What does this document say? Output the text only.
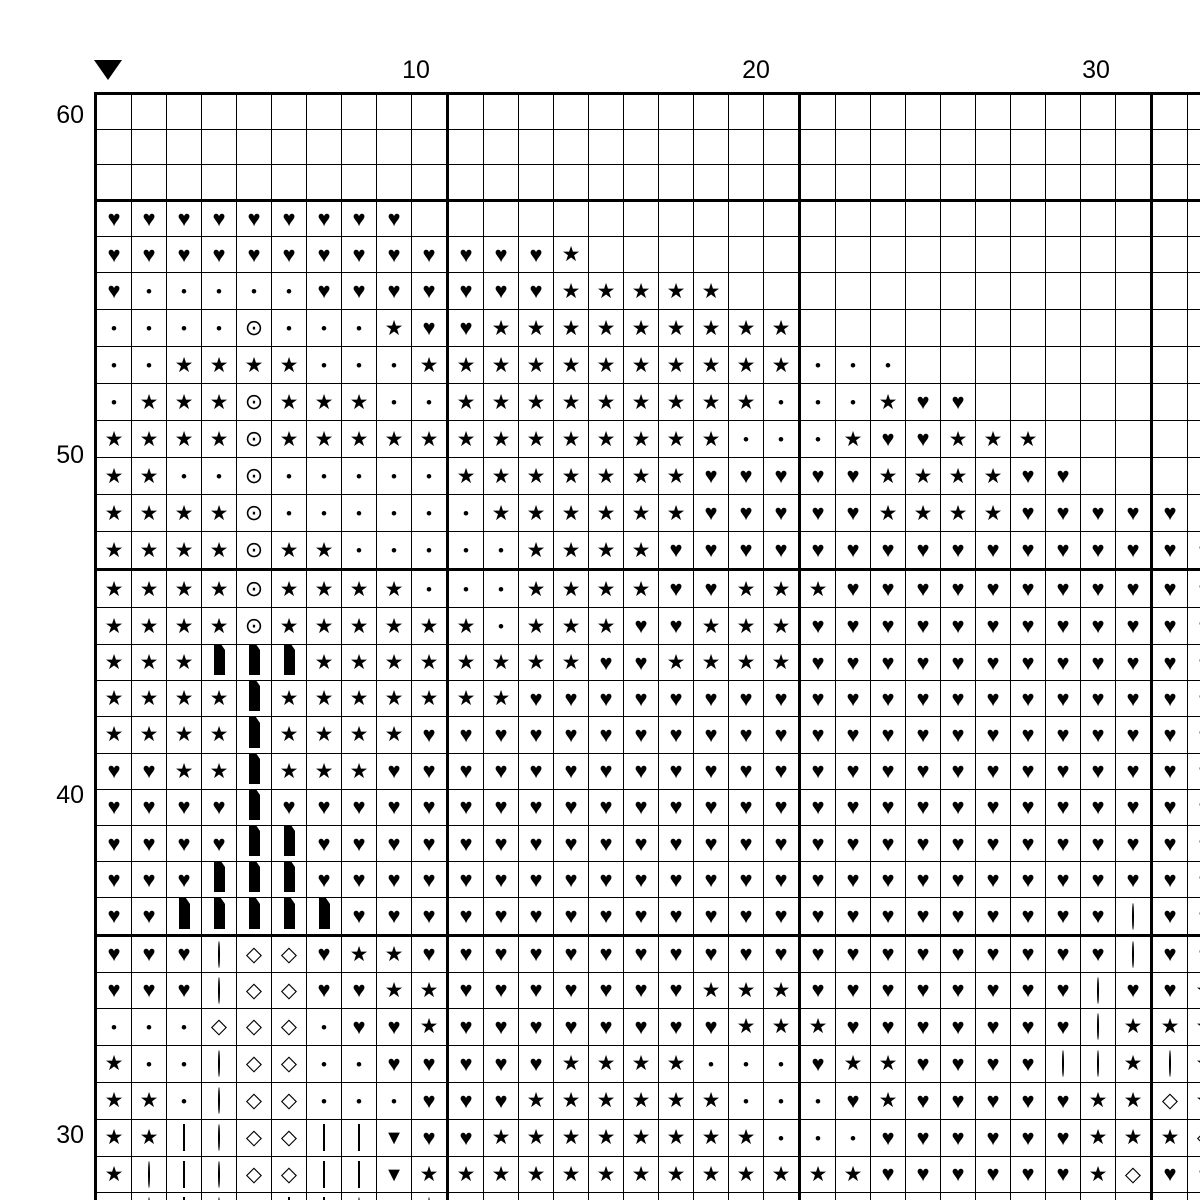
10	20	30
60
50
40
30

♥	♥	♥	♥	♥	♥	♥	♥	♥																									
♥	♥	♥	♥	♥	♥	♥	♥	♥	♥	♥	♥	♥	★																				
♥	•	•	•	•	•	♥	♥	♥	♥	♥	♥	♥	★	★	★	★	★																
•	•	•	•	⊙	•	•	•	★	♥	♥	★	★	★	★	★	★	★	★	★														
•	•	★	★	★	★	•	•	•	★	★	★	★	★	★	★	★	★	★	★	•	•	•											
•	★	★	★	⊙	★	★	★	•	•	★	★	★	★	★	★	★	★	★	•	•	•	★	♥	♥									
★	★	★	★	⊙	★	★	★	★	★	★	★	★	★	★	★	★	★	•	•	•	★	♥	♥	★	★	★							
★	★	•	•	⊙	•	•	•	•	•	★	★	★	★	★	★	★	♥	♥	♥	♥	♥	★	★	★	★	♥	♥						
★	★	★	★	⊙	•	•	•	•	•	•	★	★	★	★	★	★	♥	♥	♥	♥	♥	★	★	★	★	♥	♥	♥	♥	♥			
★	★	★	★	⊙	★	★	•	•	•	•	•	★	★	★	★	♥	♥	♥	♥	♥	♥	♥	♥	♥	♥	♥	♥	♥	♥	♥	♥		
★	★	★	★	⊙	★	★	★	★	•	•	•	★	★	★	★	♥	♥	★	★	★	♥	♥	♥	♥	♥	♥	♥	♥	♥	♥	♥		
★	★	★	★	⊙	★	★	★	★	★	★	•	★	★	★	♥	♥	★	★	★	♥	♥	♥	♥	♥	♥	♥	♥	♥	♥	♥	♥		
★	★	★				★	★	★	★	★	★	★	★	♥	♥	★	★	★	★	♥	♥	♥	♥	♥	♥	♥	♥	♥	♥	♥	♥		
★	★	★	★		★	★	★	★	★	★	★	♥	♥	♥	♥	♥	♥	♥	♥	♥	♥	♥	♥	♥	♥	♥	♥	♥	♥	♥	♥		
★	★	★	★		★	★	★	★	♥	♥	♥	♥	♥	♥	♥	♥	♥	♥	♥	♥	♥	♥	♥	♥	♥	♥	♥	♥	♥	♥	♥		
♥	♥	★	★		★	★	★	♥	♥	♥	♥	♥	♥	♥	♥	♥	♥	♥	♥	♥	♥	♥	♥	♥	♥	♥	♥	♥	♥	♥	♥		
♥	♥	♥	♥		♥	♥	♥	♥	♥	♥	♥	♥	♥	♥	♥	♥	♥	♥	♥	♥	♥	♥	♥	♥	♥	♥	♥	♥	♥	♥	♥		
♥	♥	♥	♥			♥	♥	♥	♥	♥	♥	♥	♥	♥	♥	♥	♥	♥	♥	♥	♥	♥	♥	♥	♥	♥	♥	♥	♥	♥	♥		
♥	♥	♥				♥	♥	♥	♥	♥	♥	♥	♥	♥	♥	♥	♥	♥	♥	♥	♥	♥	♥	♥	♥	♥	♥	♥	♥	♥	♥		
♥	♥						♥	♥	♥	♥	♥	♥	♥	♥	♥	♥	♥	♥	♥	♥	♥	♥	♥	♥	♥	♥	♥	♥		♥	♥		
♥	♥	♥		◇	◇	♥	★	★	♥	♥	♥	♥	♥	♥	♥	♥	♥	♥	♥	♥	♥	♥	♥	♥	♥	♥	♥	♥		♥	♥		
♥	♥	♥		◇	◇	♥	♥	★	★	♥	♥	♥	♥	♥	♥	♥	★	★	★	♥	♥	♥	♥	♥	♥	♥	♥		♥	♥	★		
•	•	•	◇	◇	◇	•	♥	♥	★	♥	♥	♥	♥	♥	♥	♥	♥	★	★	★	♥	♥	♥	♥	♥	♥	♥		★	★	★		
★	•	•		◇	◇	•	•	♥	♥	♥	♥	♥	★	★	★	★	•	•	•	♥	★	★	♥	♥	♥	♥			★		★		
★	★	•		◇	◇	•	•	•	♥	♥	♥	★	★	★	★	★	★	•	•	•	♥	★	♥	♥	♥	♥	♥	★	★	◇	★		
★	★			◇	◇			▼	♥	♥	★	★	★	★	★	★	★	★	•	•	•	♥	♥	♥	♥	♥	♥	★	★	★	◇		
★				◇	◇			▼	★	★	★	★	★	★	★	★	★	★	★	★	★	♥	♥	♥	♥	♥	♥	★	◇	♥	♥		
★				◇				▼		★	★	★	★	★	★	★	★	★	★	★	★	★	♥	♥	♥	♥	♥	★	♥	◇	♥		
